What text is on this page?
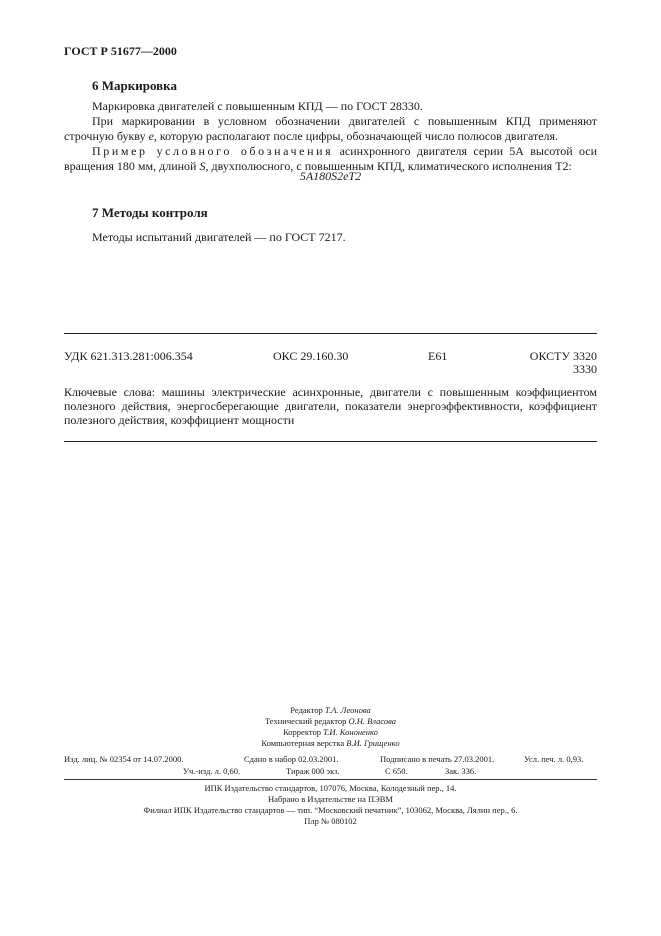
ГОСТ Р 51677—2000
6 Маркировка

Маркировка двигателей с повышенным КПД — по ГОСТ 28330.

При маркировании в условном обозначении двигателей с повышенным КПД применяют строчную букву е, которую располагают после цифры, обозначающей число полюсов двигателя.

Пример условного обозначения асинхронного двигателя серии 5А высотой оси вращения 180 мм, длиной S, двухполюсного, с повышенным КПД, климатического исполнения Т2:

5А180S2еТ2
7 Методы контроля

Методы испытаний двигателей — по ГОСТ 7217.

УДК 621.313.281:006.354	ОКС 29.160.30	Е61	ОКСТУ 3320
3330
Ключевые слова: машины электрические асинхронные, двигатели с повышенным коэффициентом полезного действия, энергосберегающие двигатели, показатели энергоэффективности, коэффициент полезного действия, коэффициент мощности
Редактор Т.А. Леонова
Технический редактор О.Н. Власова
Корректор Т.И. Кононенко
Компьютерная верстка В.И. Грищенко
Изд. лиц. № 02354 от 14.07.2000.	Сдано в набор 02.03.2001.	Подписано в печать 27.03.2001.	Усл. печ. л. 0,93.
Уч.-изд. л. 0,60.	Тираж 000 экз.	С 650.	Зак. 336.
ИПК Издательство стандартов, 107076, Москва, Колодезный пер., 14.
Набрано в Издательстве на ПЭВМ
Филиал ИПК Издательство стандартов — тип. “Московский печатник”, 103062, Москва, Лялин пер., 6.
Плр № 080102
